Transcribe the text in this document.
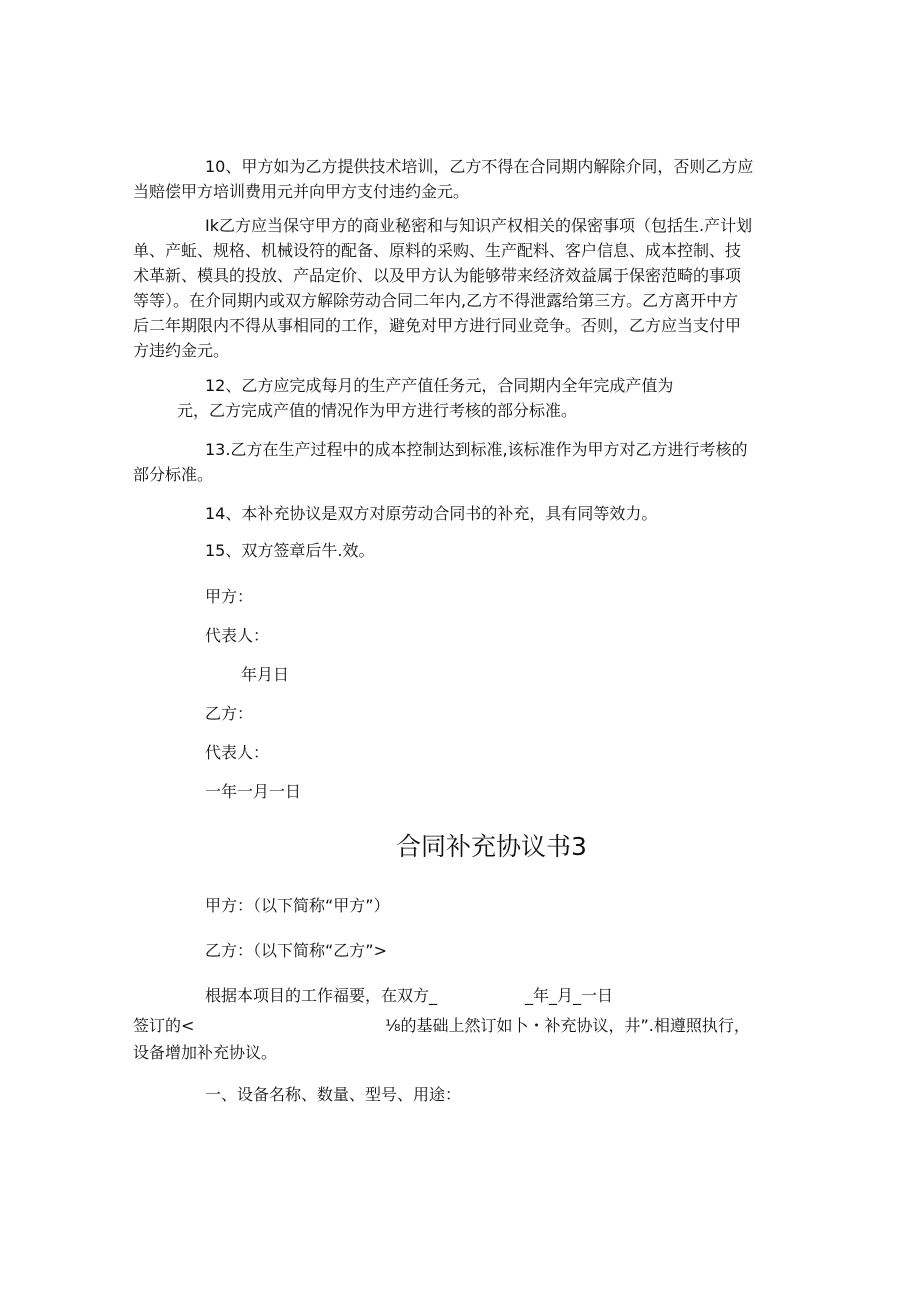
10、甲方如为乙方提供技术培训，乙方不得在合同期内解除介同，否则乙方应
当赔偿甲方培训费用元并向甲方支付违约金元。
Ik乙方应当保守甲方的商业秘密和与知识产权相关的保密事项（包括生.产计划
单、产蚯、规格、机械设符的配备、原料的采购、生产配料、客户信息、成本控制、技
术革新、模具的投放、产品定价、以及甲方认为能够带来经济效益属于保密范畸的事项
等等）。在介同期内或双方解除劳动合同二年内,乙方不得泄露给第三方。乙方离开中方
后二年期限内不得从事相同的工作，避免对甲方进行同业竞争。否则，乙方应当支付甲
方违约金元。
12、乙方应完成每月的生产产值任务元，合同期内全年完成产值为
元，乙方完成产值的情况作为甲方进行考核的部分标准。
13.乙方在生产过程中的成本控制达到标准,该标准作为甲方对乙方进行考核的
部分标准。
14、本补充协议是双方对原劳动合同书的补充，具有同等效力。
15、双方签章后牛.效。
甲方：
代表人：
年月日
乙方：
代表人：
一年一月一日
合同补充协议书3
甲方：（以下简称“甲方”）
乙方：（以下简称“乙方”>
根据本项目的工作福要，在双方_	_年_月_一日
签订的<	⅛的基础上然订如卜・补充协议，井”.相遵照执行，
设备增加补充协议。
一、设备名称、数量、型号、用途：
